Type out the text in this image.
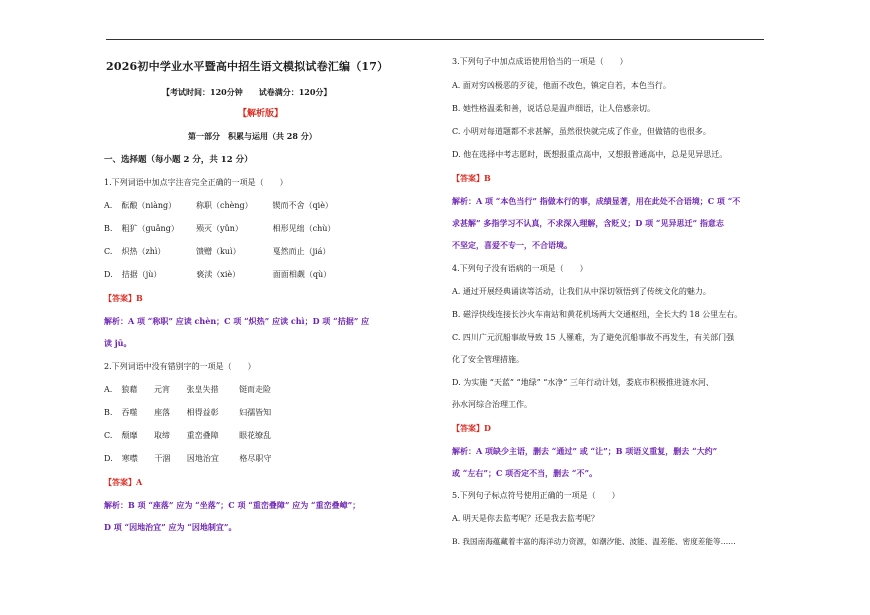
2026初中学业水平暨高中招生语文模拟试卷汇编（17）
【考试时间：120分钟　　试卷满分：120分】
【解析版】
第一部分　积累与运用（共 28 分）
一、选择题（每小题 2 分，共 12 分）
1.下列词语中加点字注音完全正确的一项是（　　）
A. 酝酿（niàng） 称职（chèng） 锲而不舍（qiè）
B. 粗犷（guǎng） 殒灭（yǔn）	相形见绌（chù）
C. 炽热（zhì）	馈赠（kuì）	戛然而止（jiá）
D. 拮据（jù）	亵渎（xiè）	面面相觑（qù）
【答案】B
解析：A 项 “称职” 应读 chèn；C 项 “炽热” 应读 chì；D 项 “拮据” 应
读 jū。
2.下列词语中没有错别字的一项是（　　）
A. 狼藉 元宵 张皇失措	铤而走险
B. 吞噬 座落 相得益彰	妇孺皆知
C. 颓靡 取缔 重峦叠障	眼花缭乱
D. 寒噤 干涸 因地治宜	格尽职守
【答案】A
解析：B 项 “座落” 应为 “坐落”；C 项 “重峦叠障” 应为 “重峦叠嶂”；
D 项 “因地治宜” 应为 “因地制宜”。
3.下列句子中加点成语使用恰当的一项是（　　）
A. 面对穷凶极恶的歹徒，他面不改色，镇定自若，本色当行。
B. 她性格温柔和善，说话总是温声细语，让人倍感亲切。
C. 小明对每道题都不求甚解，虽然很快就完成了作业，但做错的也很多。
D. 他在选择中考志愿时，既想报重点高中，又想报普通高中，总是见异思迁。
【答案】B
解析：A 项 “本色当行” 指做本行的事，成绩显著，用在此处不合语境；C 项 “不
求甚解” 多指学习不认真，不求深入理解，含贬义；D 项 “见异思迁” 指意志
不坚定，喜爱不专一，不合语境。
4.下列句子没有语病的一项是（　　）
A. 通过开展经典诵读等活动，让我们从中深切领悟到了传统文化的魅力。
B. 磁浮快线连接长沙火车南站和黄花机场两大交通枢纽，全长大约 18 公里左右。
C. 四川广元沉船事故导致 15 人罹难，为了避免沉船事故不再发生，有关部门强
化了安全管理措施。
D. 为实施 “天蓝” “地绿” “水净” 三年行动计划，娄底市积极推进涟水河、
孙水河综合治理工作。
【答案】D
解析：A 项缺少主语，删去 “通过” 或 “让”；B 项语义重复，删去 “大约”
或 “左右”；C 项否定不当，删去 “不”。
5.下列句子标点符号使用正确的一项是（　　）
A. 明天是你去监考呢？还是我去监考呢？
B. 我国南海蕴藏着丰富的海洋动力资源，如潮汐能、波能、温差能、密度差能等……
